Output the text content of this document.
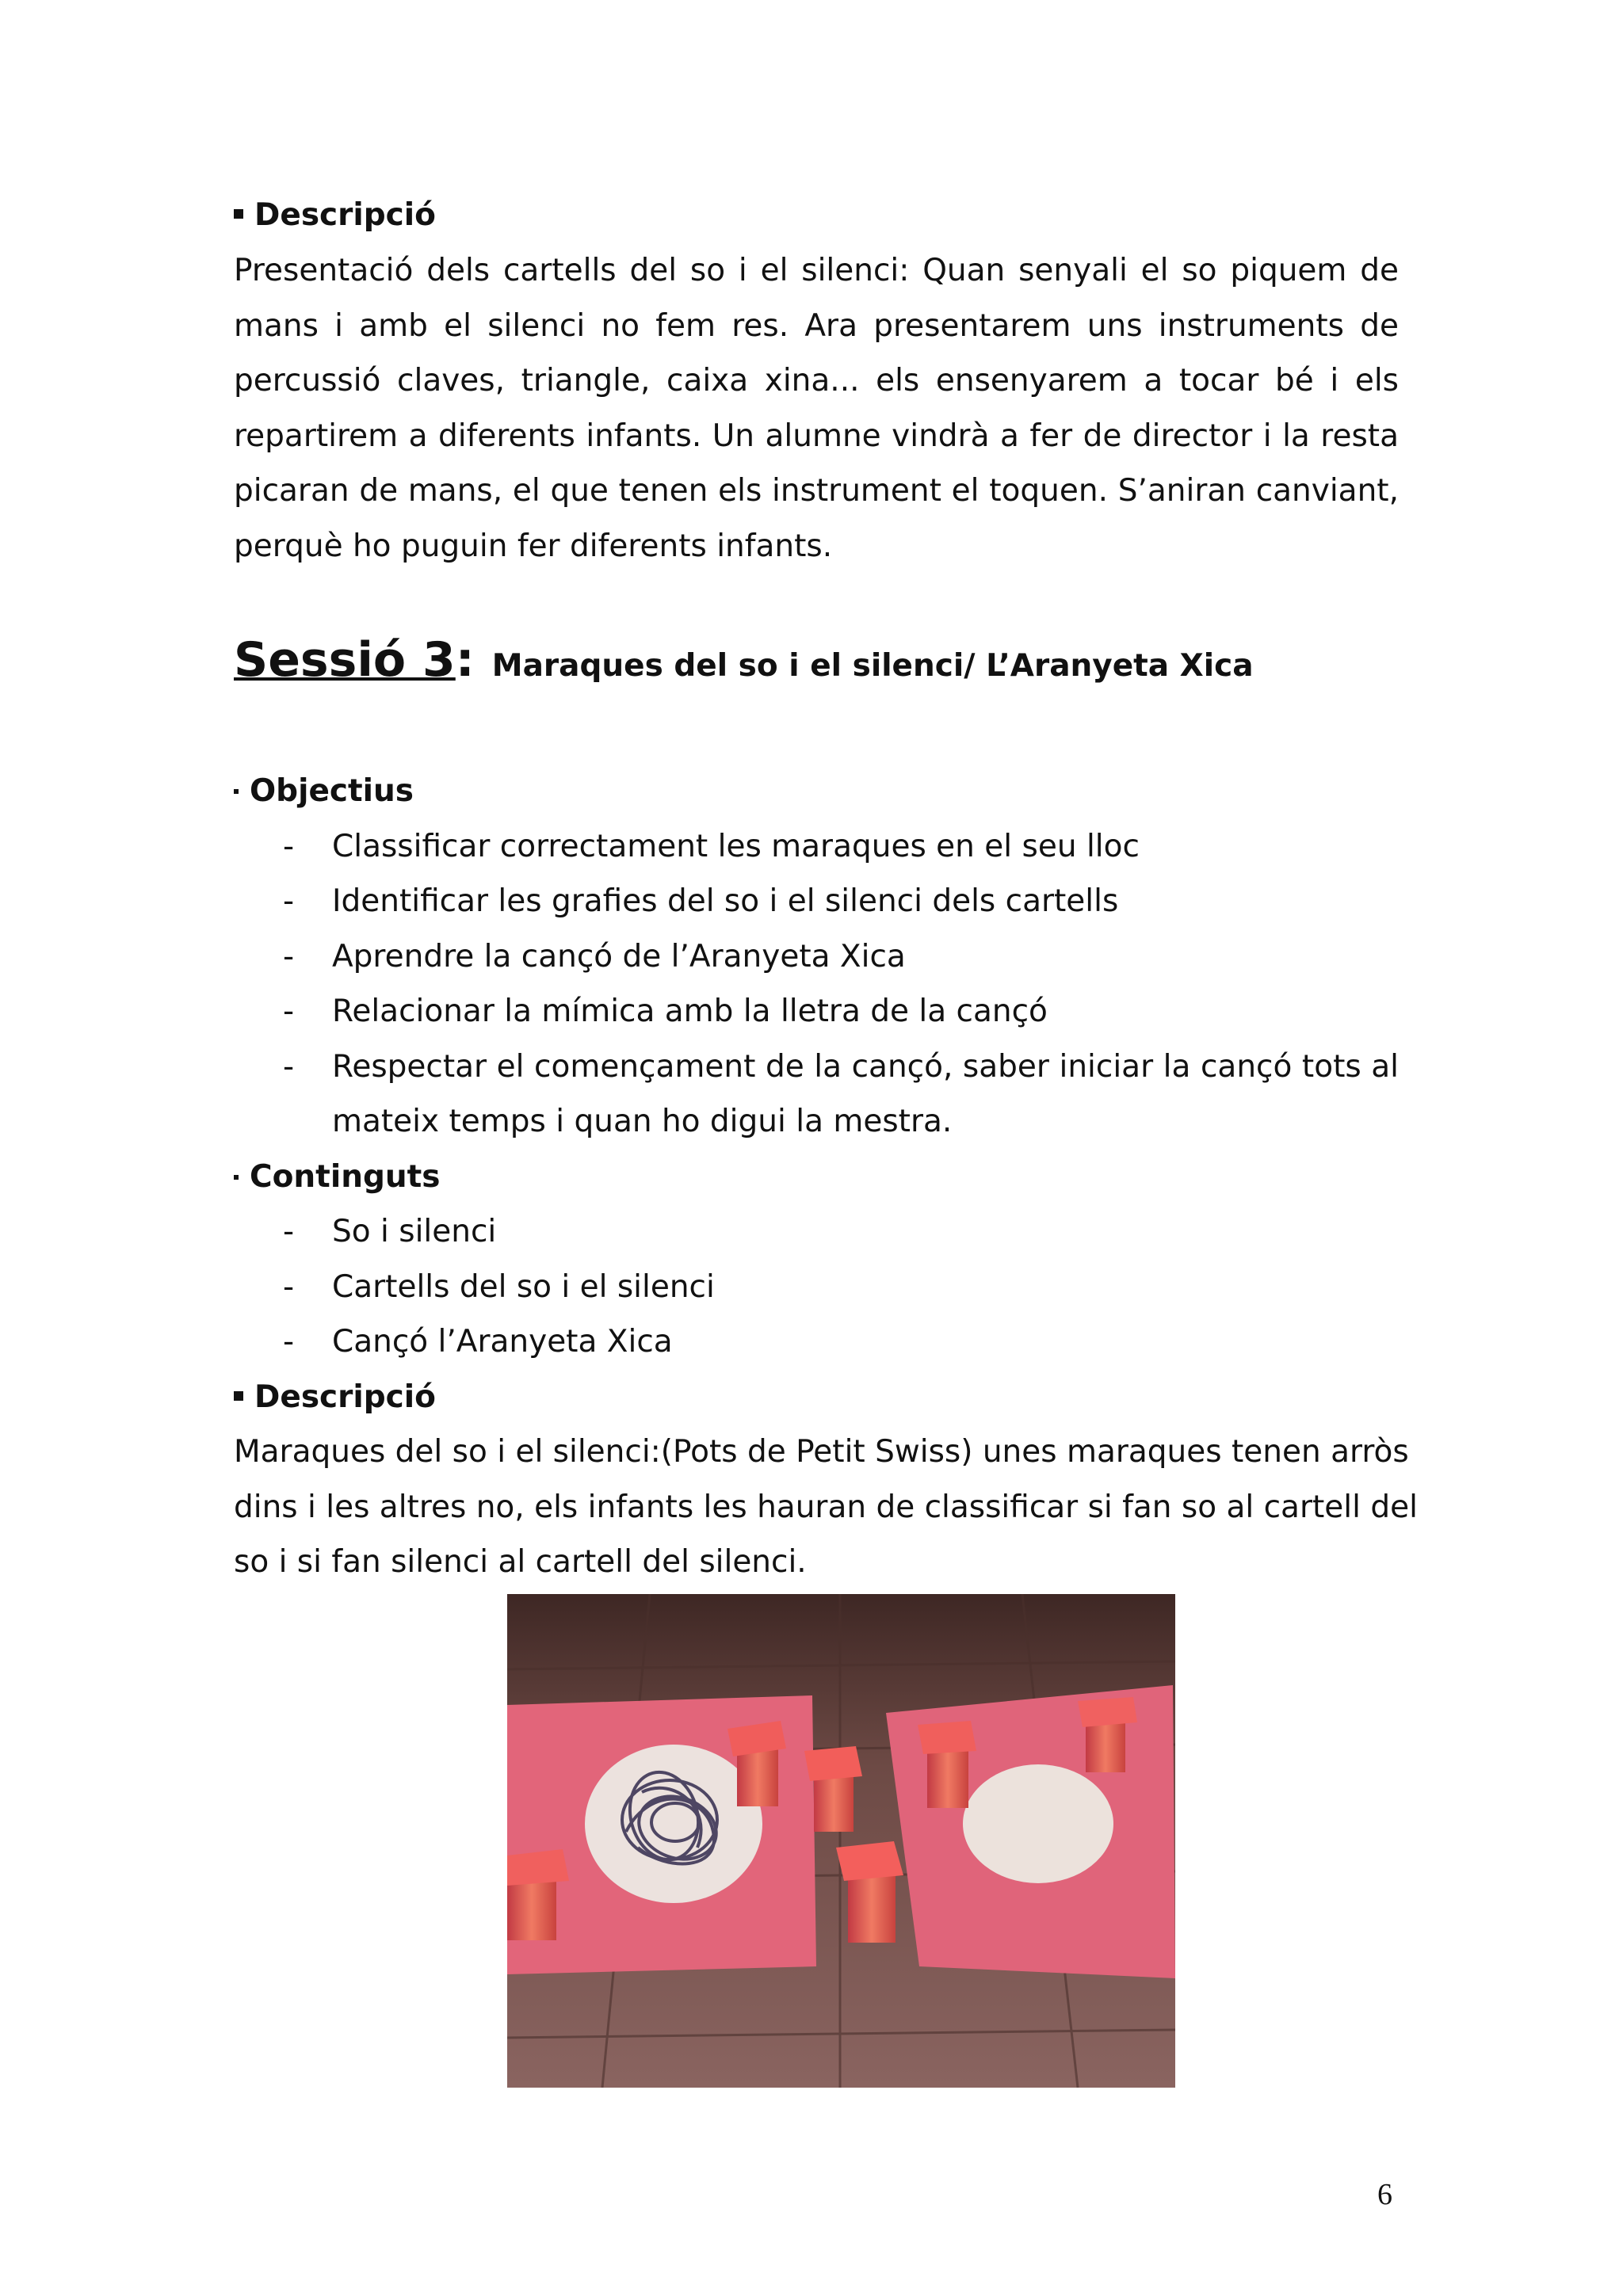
Descripció
Presentació dels cartells del so i el silenci: Quan senyali el so piquem de
mans i amb el silenci no fem res. Ara presentarem uns instruments de
percussió claves, triangle, caixa xina... els ensenyarem a tocar bé i els
repartirem a diferents infants. Un alumne vindrà a fer de director i la resta
picaran de mans, el que tenen els instrument el toquen. S’aniran canviant,
perquè ho puguin fer diferents infants.
Sessió 3: Maraques del so i el silenci/ L’Aranyeta Xica
Objectius
- Classificar correctament les maraques en el seu lloc
- Identificar les grafies del so i el silenci dels cartells
- Aprendre la cançó de l’Aranyeta Xica
- Relacionar la mímica amb la lletra de la cançó
-	Respectar el començament de la cançó, saber iniciar la cançó tots al
mateix temps i quan ho digui la mestra.
Continguts
- So i silenci
- Cartells del so i el silenci
- Cançó l’Aranyeta Xica
Descripció
Maraques del so i el silenci:(Pots de Petit Swiss) unes maraques tenen arròs
dins i les altres no, els infants les hauran de classificar si fan so al cartell del
so i si fan silenci al cartell del silenci.
6
